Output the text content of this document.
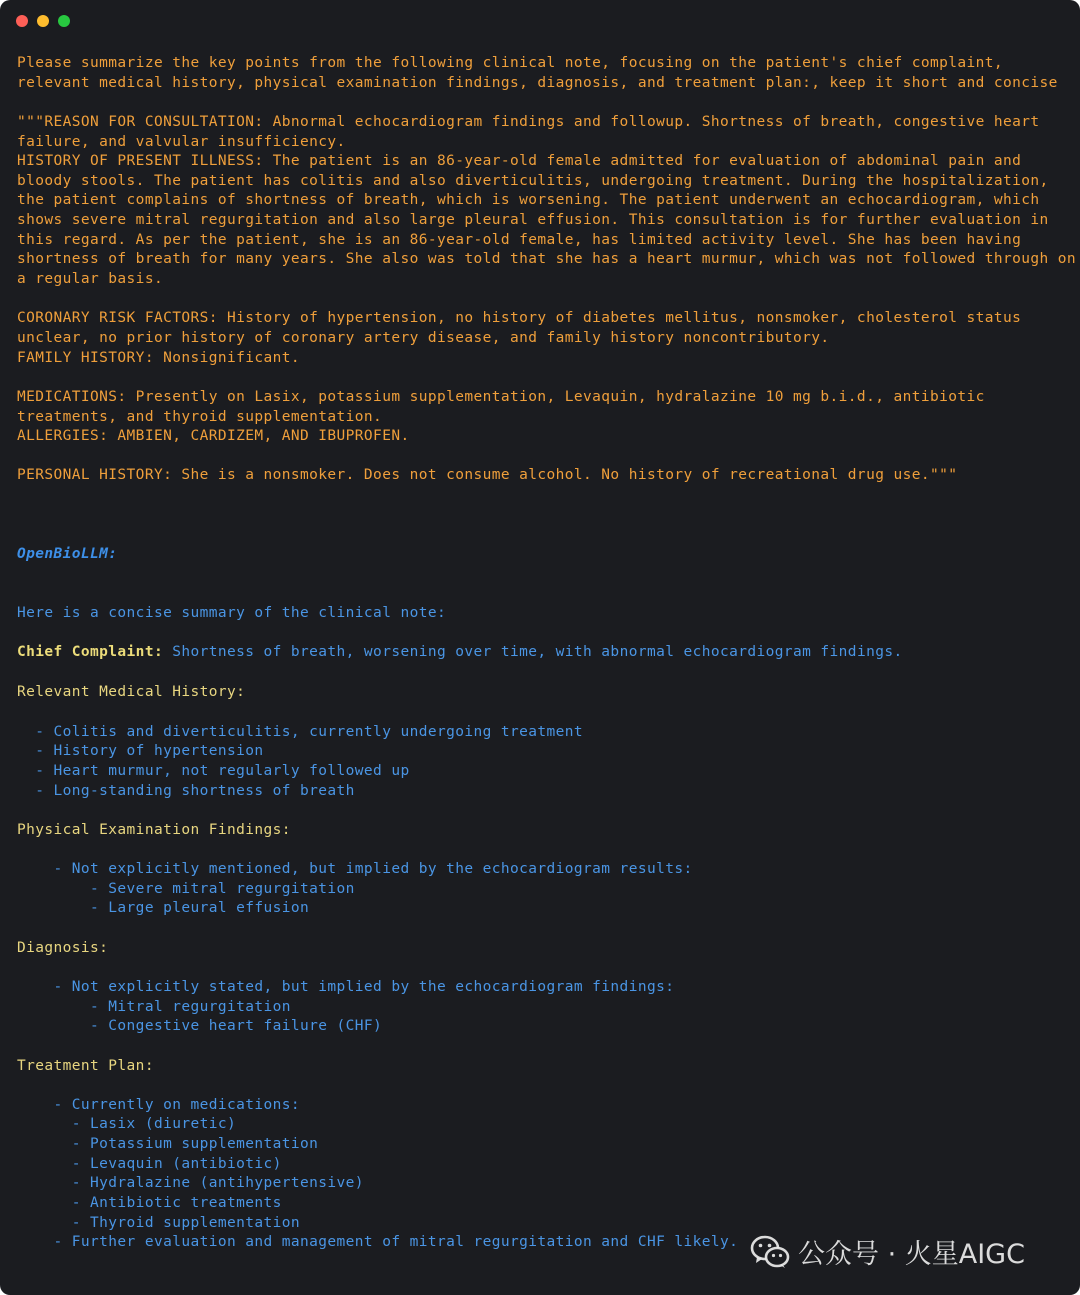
Please summarize the key points from the following clinical note, focusing on the patient's chief complaint,
relevant medical history, physical examination findings, diagnosis, and treatment plan:, keep it short and concise
"""REASON FOR CONSULTATION: Abnormal echocardiogram findings and followup. Shortness of breath, congestive heart
failure, and valvular insufficiency.
HISTORY OF PRESENT ILLNESS: The patient is an 86-year-old female admitted for evaluation of abdominal pain and
bloody stools. The patient has colitis and also diverticulitis, undergoing treatment. During the hospitalization,
the patient complains of shortness of breath, which is worsening. The patient underwent an echocardiogram, which
shows severe mitral regurgitation and also large pleural effusion. This consultation is for further evaluation in
this regard. As per the patient, she is an 86-year-old female, has limited activity level. She has been having
shortness of breath for many years. She also was told that she has a heart murmur, which was not followed through on
a regular basis.
CORONARY RISK FACTORS: History of hypertension, no history of diabetes mellitus, nonsmoker, cholesterol status
unclear, no prior history of coronary artery disease, and family history noncontributory.
FAMILY HISTORY: Nonsignificant.
MEDICATIONS: Presently on Lasix, potassium supplementation, Levaquin, hydralazine 10 mg b.i.d., antibiotic
treatments, and thyroid supplementation.
ALLERGIES: AMBIEN, CARDIZEM, AND IBUPROFEN.
PERSONAL HISTORY: She is a nonsmoker. Does not consume alcohol. No history of recreational drug use."""
OpenBioLLM:
Here is a concise summary of the clinical note:
Chief Complaint: Shortness of breath, worsening over time, with abnormal echocardiogram findings.
Relevant Medical History:
- Colitis and diverticulitis, currently undergoing treatment
- History of hypertension
- Heart murmur, not regularly followed up
- Long-standing shortness of breath
Physical Examination Findings:
- Not explicitly mentioned, but implied by the echocardiogram results:
- Severe mitral regurgitation
- Large pleural effusion
Diagnosis:
- Not explicitly stated, but implied by the echocardiogram findings:
- Mitral regurgitation
- Congestive heart failure (CHF)
Treatment Plan:
- Currently on medications:
- Lasix (diuretic)
- Potassium supplementation
- Levaquin (antibiotic)
- Hydralazine (antihypertensive)
- Antibiotic treatments
- Thyroid supplementation
- Further evaluation and management of mitral regurgitation and CHF likely.	公众号 · 火星AIGC
